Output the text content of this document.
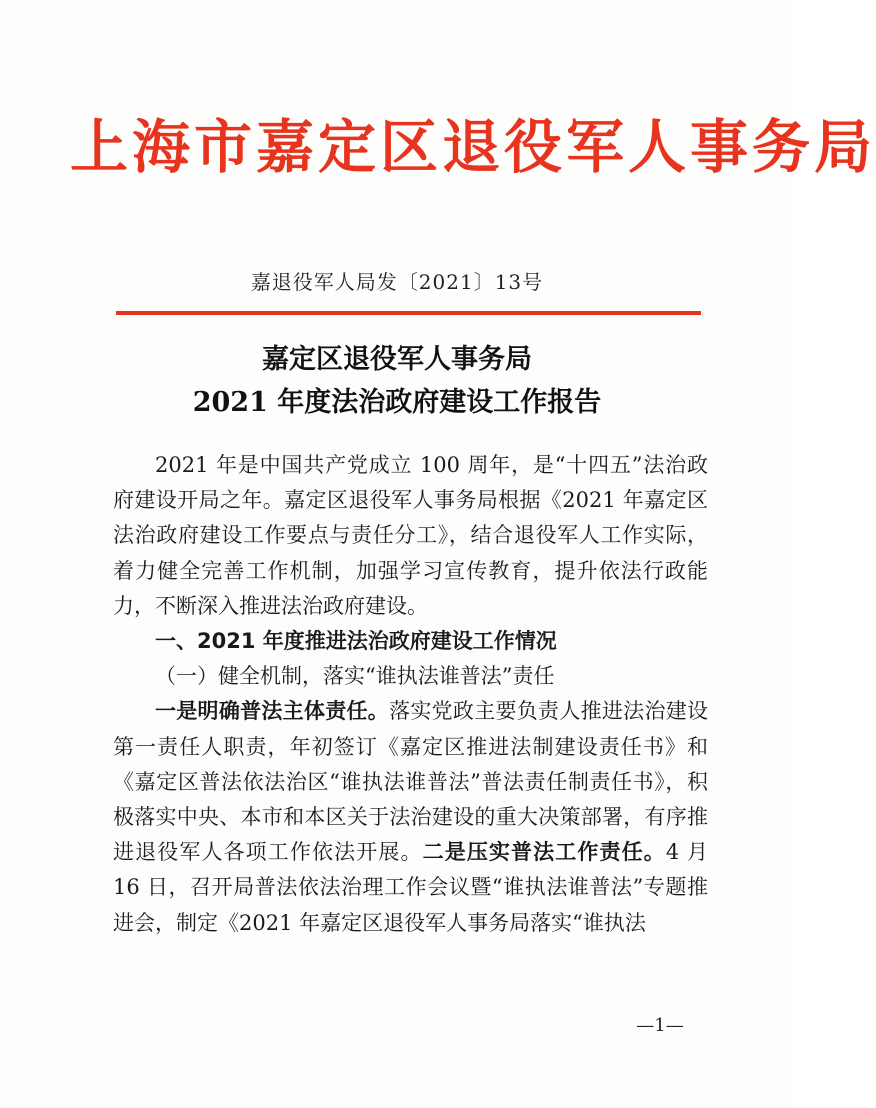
上海市嘉定区退役军人事务局
嘉退役军人局发〔2021〕13号
嘉定区退役军人事务局
2021 年度法治政府建设工作报告

2021 年是中国共产党成立 100 周年，是“十四五”法治政府建设开局之年。嘉定区退役军人事务局根据《2021 年嘉定区法治政府建设工作要点与责任分工》，结合退役军人工作实际，着力健全完善工作机制，加强学习宣传教育，提升依法行政能力，不断深入推进法治政府建设。

一、2021 年度推进法治政府建设工作情况

（一）健全机制，落实“谁执法谁普法”责任

一是明确普法主体责任。落实党政主要负责人推进法治建设第一责任人职责，年初签订《嘉定区推进法制建设责任书》和《嘉定区普法依法治区“谁执法谁普法”普法责任制责任书》，积极落实中央、本市和本区关于法治建设的重大决策部署，有序推进退役军人各项工作依法开展。二是压实普法工作责任。4 月 16 日，召开局普法依法治理工作会议暨“谁执法谁普法”专题推进会，制定《2021 年嘉定区退役军人事务局落实“谁执法

—1—
